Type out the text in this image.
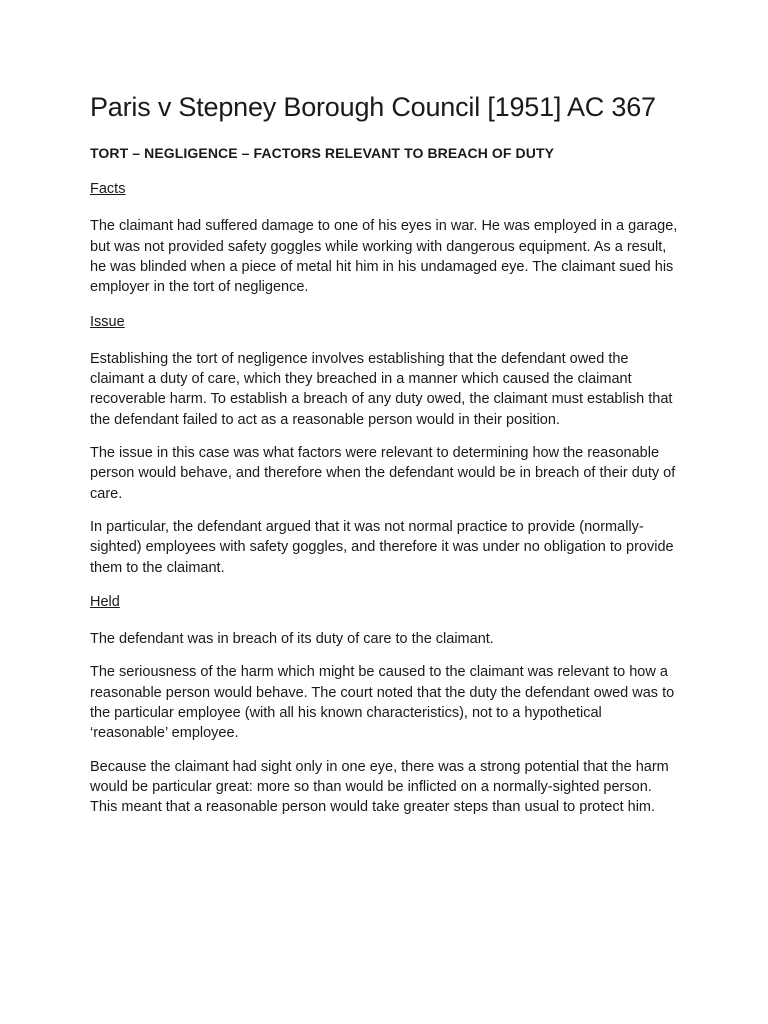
Paris v Stepney Borough Council [1951] AC 367
TORT – NEGLIGENCE – FACTORS RELEVANT TO BREACH OF DUTY
Facts

The claimant had suffered damage to one of his eyes in war. He was employed in a garage, but was not provided safety goggles while working with dangerous equipment. As a result, he was blinded when a piece of metal hit him in his undamaged eye. The claimant sued his employer in the tort of negligence.

Issue

Establishing the tort of negligence involves establishing that the defendant owed the claimant a duty of care, which they breached in a manner which caused the claimant recoverable harm. To establish a breach of any duty owed, the claimant must establish that the defendant failed to act as a reasonable person would in their position.

The issue in this case was what factors were relevant to determining how the reasonable person would behave, and therefore when the defendant would be in breach of their duty of care.

In particular, the defendant argued that it was not normal practice to provide (normally-sighted) employees with safety goggles, and therefore it was under no obligation to provide them to the claimant.

Held

The defendant was in breach of its duty of care to the claimant.

The seriousness of the harm which might be caused to the claimant was relevant to how a reasonable person would behave. The court noted that the duty the defendant owed was to the particular employee (with all his known characteristics), not to a hypothetical ‘reasonable’ employee.

Because the claimant had sight only in one eye, there was a strong potential that the harm would be particular great: more so than would be inflicted on a normally-sighted person. This meant that a reasonable person would take greater steps than usual to protect him.
